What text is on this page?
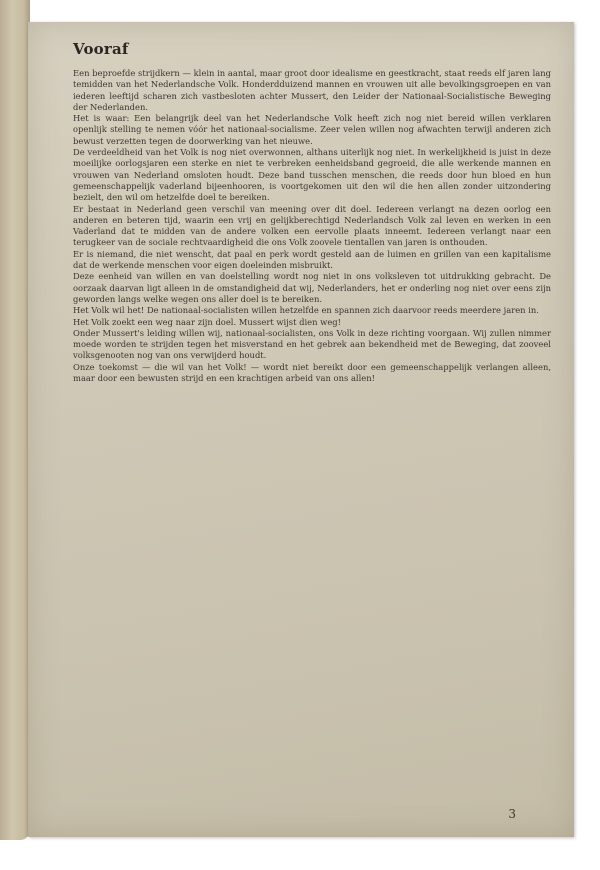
Vooraf

Een beproefde strijdkern — klein in aantal, maar groot door idealisme en geestkracht, staat reeds elf jaren lang temidden van het Nederlandsche Volk. Honderdduizend mannen en vrouwen uit alle bevolkingsgroepen en van iederen leeftijd scharen zich vastbesloten achter Mussert, den Leider der Nationaal-Socialistische Beweging der Nederlanden.

Het is waar: Een belangrijk deel van het Nederlandsche Volk heeft zich nog niet bereid willen verklaren openlijk stelling te nemen vóór het nationaal-socialisme. Zeer velen willen nog afwachten terwijl anderen zich bewust verzetten tegen de doorwerking van het nieuwe.

De verdeeldheid van het Volk is nog niet overwonnen, althans uiterlijk nog niet. In werkelijkheid is juist in deze moeilijke oorlogsjaren een sterke en niet te verbreken eenheidsband gegroeid, die alle werkende mannen en vrouwen van Nederland omsloten houdt. Deze band tusschen menschen, die reeds door hun bloed en hun gemeenschappelijk vaderland bijeenhooren, is voortgekomen uit den wil die hen allen zonder uitzondering bezielt, den wil om hetzelfde doel te bereiken.

Er bestaat in Nederland geen verschil van meening over dit doel. Iedereen verlangt na dezen oorlog een anderen en beteren tijd, waarin een vrij en gelijkberechtigd Nederlandsch Volk zal leven en werken in een Vaderland dat te midden van de andere volken een eervolle plaats inneemt. Iedereen verlangt naar een terugkeer van de sociale rechtvaardigheid die ons Volk zoovele tientallen van jaren is onthouden.

Er is niemand, die niet wenscht, dat paal en perk wordt gesteld aan de luimen en grillen van een kapitalisme dat de werkende menschen voor eigen doeleinden misbruikt.

Deze eenheid van willen en van doelstelling wordt nog niet in ons volksleven tot uitdrukking gebracht. De oorzaak daarvan ligt alleen in de omstandigheid dat wij, Nederlanders, het er onderling nog niet over eens zijn geworden langs welke wegen ons aller doel is te bereiken.

Het Volk wil het! De nationaal-socialisten willen hetzelfde en spannen zich daarvoor reeds meerdere jaren in.

Het Volk zoekt een weg naar zijn doel. Mussert wijst dien weg!

Onder Mussert's leiding willen wij, nationaal-socialisten, ons Volk in deze richting voorgaan. Wij zullen nimmer moede worden te strijden tegen het misverstand en het gebrek aan bekendheid met de Beweging, dat zooveel volksgenooten nog van ons verwijderd houdt.

Onze toekomst — die wil van het Volk! — wordt niet bereikt door een gemeenschappelijk verlangen alleen, maar door een bewusten strijd en een krachtigen arbeid van ons allen!

3
